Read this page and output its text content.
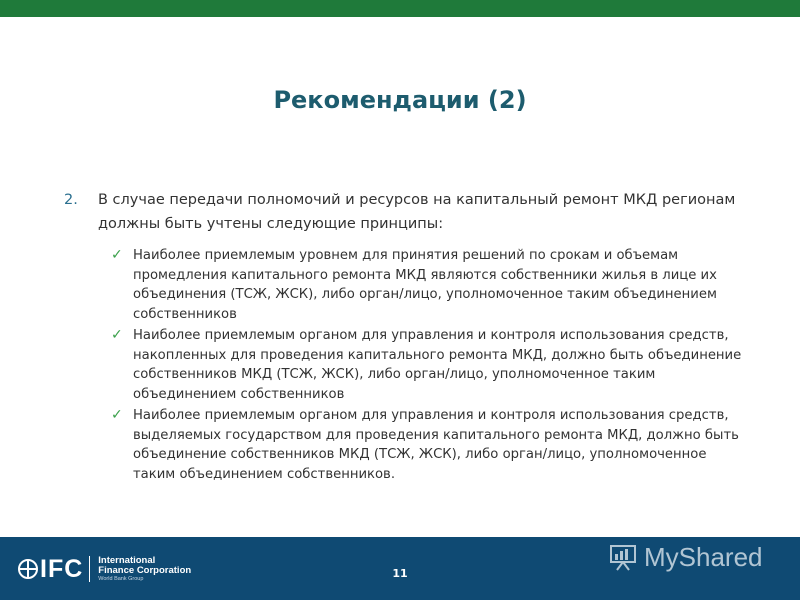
Рекомендации (2)
2. В случае передачи полномочий и ресурсов на капитальный ремонт МКД регионам должны быть учтены следующие принципы:
✓ Наиболее приемлемым уровнем для принятия решений по срокам и объемам промедления капитального ремонта МКД являются собственники жилья в лице их объединения (ТСЖ, ЖСК), либо орган/лицо, уполномоченное таким объединением собственников
✓ Наиболее приемлемым органом для управления и контроля использования средств, накопленных для проведения капитального ремонта МКД, должно быть объединение собственников МКД (ТСЖ, ЖСК), либо орган/лицо, уполномоченное таким объединением собственников
✓ Наиболее приемлемым органом для управления и контроля использования средств, выделяемых государством для проведения капитального ремонта МКД, должно быть объединение собственников МКД (ТСЖ, ЖСК), либо орган/лицо, уполномоченное таким объединением собственников.
IFC International
Finance Corporation
World Bank Group	11
MyShared
